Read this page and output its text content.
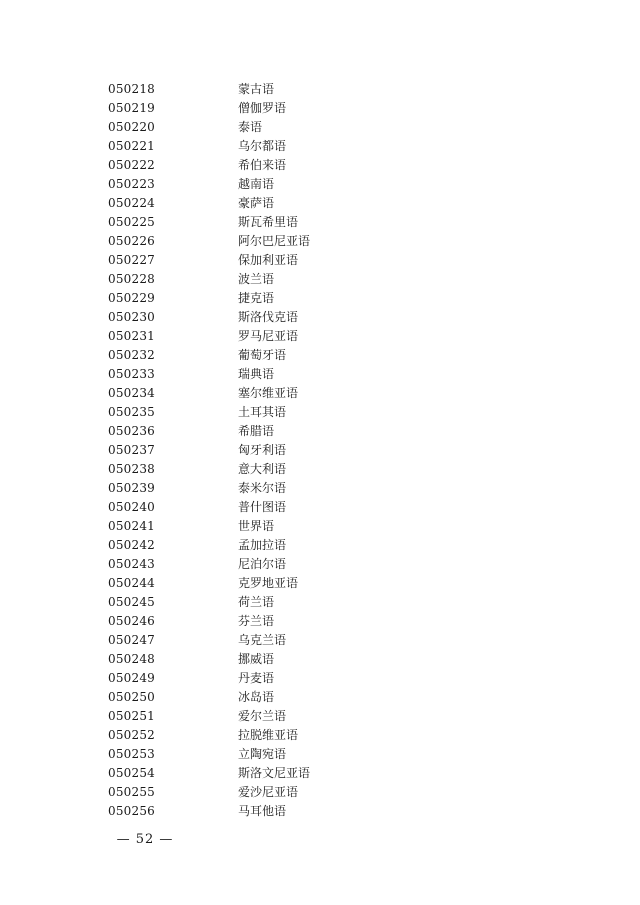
050218	蒙古语
050219	僧伽罗语
050220	泰语
050221	乌尔都语
050222	希伯来语
050223	越南语
050224	豪萨语
050225	斯瓦希里语
050226	阿尔巴尼亚语
050227	保加利亚语
050228	波兰语
050229	捷克语
050230	斯洛伐克语
050231	罗马尼亚语
050232	葡萄牙语
050233	瑞典语
050234	塞尔维亚语
050235	土耳其语
050236	希腊语
050237	匈牙利语
050238	意大利语
050239	泰米尔语
050240	普什图语
050241	世界语
050242	孟加拉语
050243	尼泊尔语
050244	克罗地亚语
050245	荷兰语
050246	芬兰语
050247	乌克兰语
050248	挪威语
050249	丹麦语
050250	冰岛语
050251	爱尔兰语
050252	拉脱维亚语
050253	立陶宛语
050254	斯洛文尼亚语
050255	爱沙尼亚语
050256	马耳他语
— 52 —
